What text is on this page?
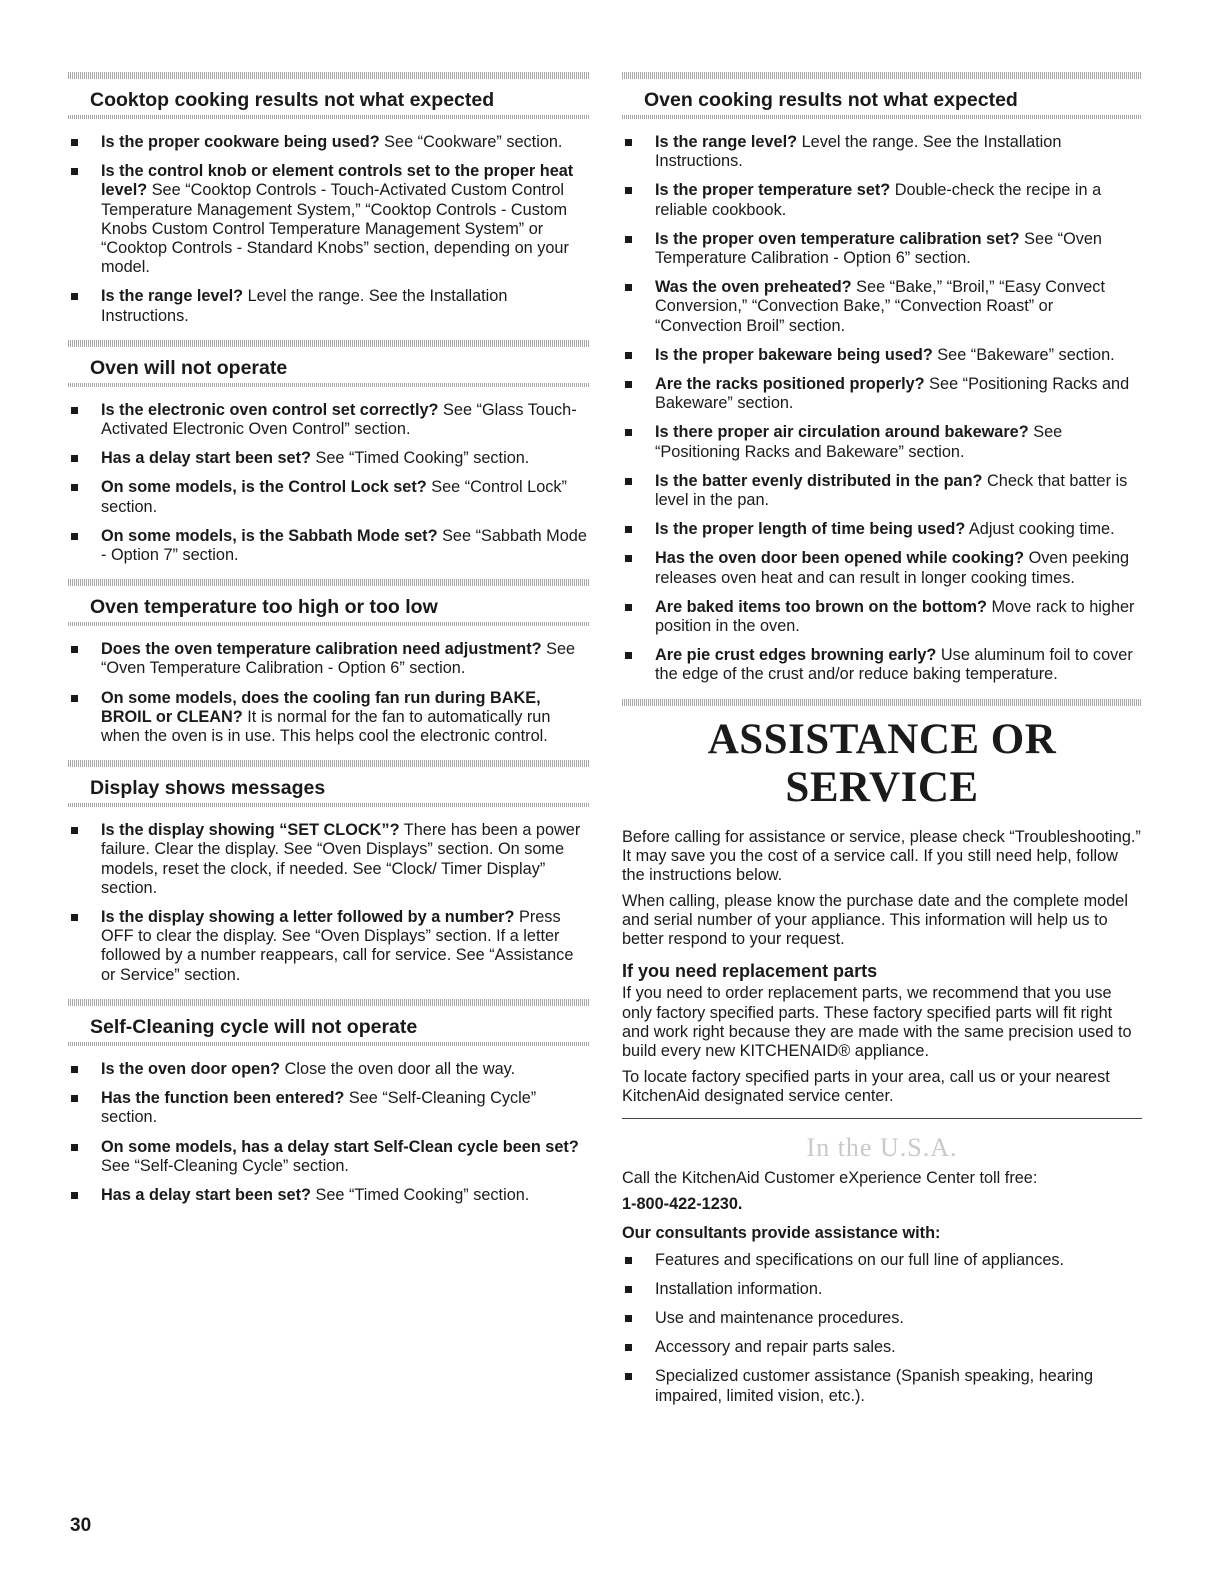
Cooktop cooking results not what expected
Is the proper cookware being used? See “Cookware” section.
Is the control knob or element controls set to the proper heat level? See “Cooktop Controls - Touch-Activated Custom Control Temperature Management System,” “Cooktop Controls - Custom Knobs Custom Control Temperature Management System” or “Cooktop Controls - Standard Knobs” section, depending on your model.
Is the range level? Level the range. See the Installation Instructions.
Oven will not operate
Is the electronic oven control set correctly? See “Glass Touch-Activated Electronic Oven Control” section.
Has a delay start been set? See “Timed Cooking” section.
On some models, is the Control Lock set? See “Control Lock” section.
On some models, is the Sabbath Mode set? See “Sabbath Mode - Option 7” section.
Oven temperature too high or too low
Does the oven temperature calibration need adjustment? See “Oven Temperature Calibration - Option 6” section.
On some models, does the cooling fan run during BAKE, BROIL or CLEAN? It is normal for the fan to automatically run when the oven is in use. This helps cool the electronic control.
Display shows messages
Is the display showing “SET CLOCK”? There has been a power failure. Clear the display. See “Oven Displays” section. On some models, reset the clock, if needed. See “Clock/ Timer Display” section.
Is the display showing a letter followed by a number? Press OFF to clear the display. See “Oven Displays” section. If a letter followed by a number reappears, call for service. See “Assistance or Service” section.
Self-Cleaning cycle will not operate
Is the oven door open? Close the oven door all the way.
Has the function been entered? See “Self-Cleaning Cycle” section.
On some models, has a delay start Self-Clean cycle been set? See “Self-Cleaning Cycle” section.
Has a delay start been set? See “Timed Cooking” section.
Oven cooking results not what expected
Is the range level? Level the range. See the Installation Instructions.
Is the proper temperature set? Double-check the recipe in a reliable cookbook.
Is the proper oven temperature calibration set? See “Oven Temperature Calibration - Option 6” section.
Was the oven preheated? See “Bake,” “Broil,” “Easy Convect Conversion,” “Convection Bake,” “Convection Roast” or “Convection Broil” section.
Is the proper bakeware being used? See “Bakeware” section.
Are the racks positioned properly? See “Positioning Racks and Bakeware” section.
Is there proper air circulation around bakeware? See “Positioning Racks and Bakeware” section.
Is the batter evenly distributed in the pan? Check that batter is level in the pan.
Is the proper length of time being used? Adjust cooking time.
Has the oven door been opened while cooking? Oven peeking releases oven heat and can result in longer cooking times.
Are baked items too brown on the bottom? Move rack to higher position in the oven.
Are pie crust edges browning early? Use aluminum foil to cover the edge of the crust and/or reduce baking temperature.
ASSISTANCE OR SERVICE

Before calling for assistance or service, please check “Troubleshooting.” It may save you the cost of a service call. If you still need help, follow the instructions below.

When calling, please know the purchase date and the complete model and serial number of your appliance. This information will help us to better respond to your request.

If you need replacement parts

If you need to order replacement parts, we recommend that you use only factory specified parts. These factory specified parts will fit right and work right because they are made with the same precision used to build every new KITCHENAID® appliance.

To locate factory specified parts in your area, call us or your nearest KitchenAid designated service center.

In the U.S.A.

Call the KitchenAid Customer eXperience Center toll free:

1-800-422-1230.
Our consultants provide assistance with:
Features and specifications on our full line of appliances.
Installation information.
Use and maintenance procedures.
Accessory and repair parts sales.
Specialized customer assistance (Spanish speaking, hearing impaired, limited vision, etc.).
30
